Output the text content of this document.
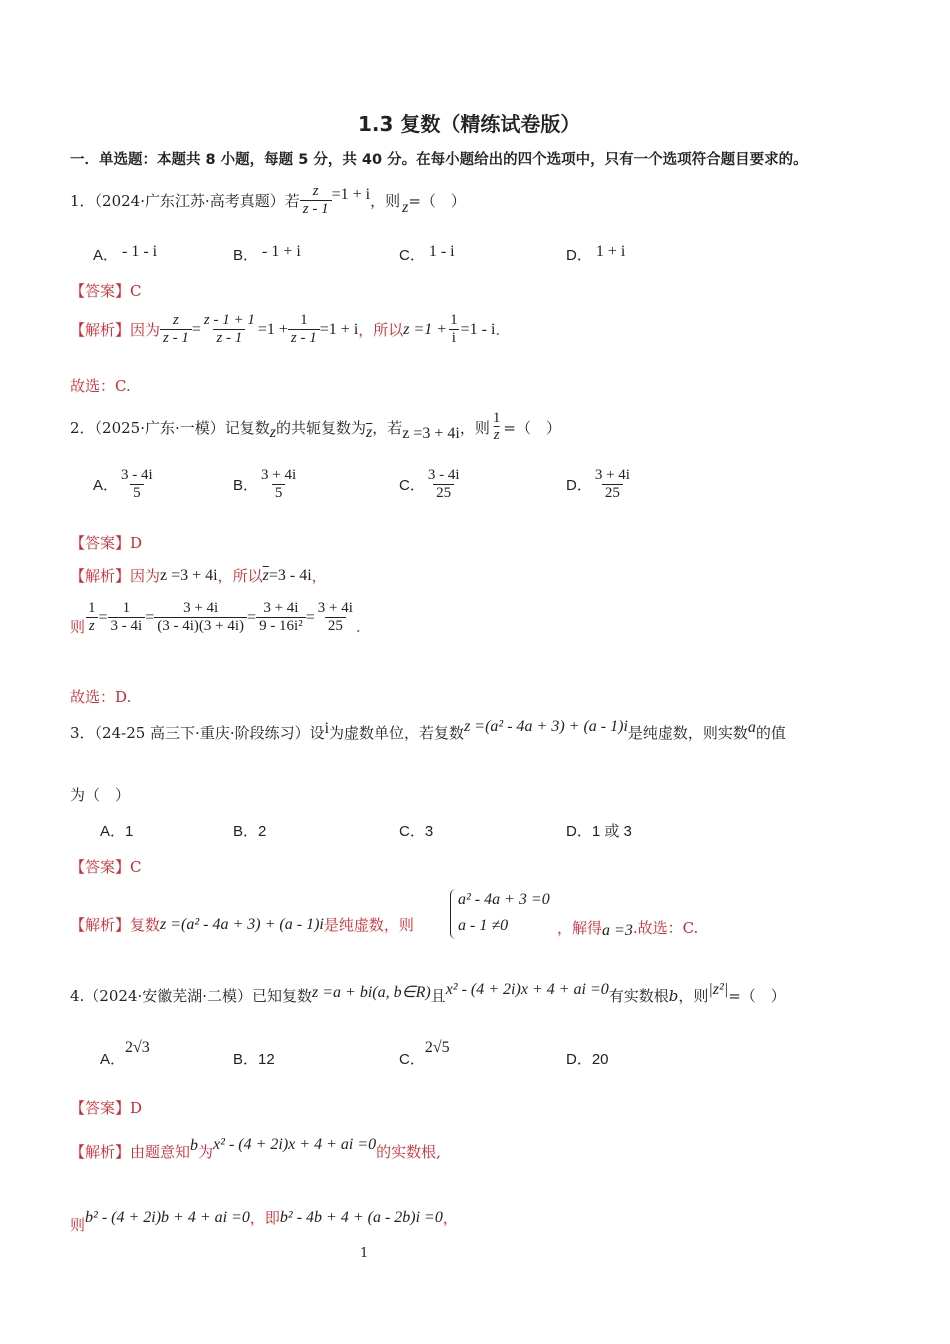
1.3 复数（精练试卷版）
一．单选题：本题共 8 小题，每题 5 分，共 40 分。在每小题给出的四个选项中，只有一个选项符合题目要求的。
1．（2024·广东江苏·高考真题）若 $\frac{z}{z - 1} =1 + i$ ，则 z =（　）
A． - 1 - i	B． - 1 + i	C． 1 - i	D． 1 + i
【答案】C
【解析】 因为 $\frac{z}{z - 1} = \frac{z - 1 + 1}{z - 1} =1 + \frac{1}{z - 1} =1 + i$ ，所以 $z =1 + \frac{1}{i} =1 - i$ .
故选：C.
2．（2025·广东·一模）记复数 z 的共轭复数为 $\overline{z}$ ，若 z =3 + 4i ，则 $\frac{1}{z}$ =（　）
A． $\frac{3 - 4i}{5}$	B． $\frac{3 + 4i}{5}$	C． $\frac{3 - 4i}{25}$	D． $\frac{3 + 4i}{25}$
【答案】D
【解析】 因为 z =3 + 4i ，所以 $\overline{z} =3 - 4i$ ，
则 $\frac{1}{z} = \frac{1}{3 - 4i} = \frac{3 + 4i}{(3 - 4i)(3 + 4i)} = \frac{3 + 4i}{\text{9 - 16i²}} = \frac{3 + 4i}{25}$ .
故选：D.
3．（24-25 高三下·重庆·阶段练习）设 i 为虚数单位，若复数 z =(a² - 4a + 3) + (a - 1)i 是纯虚数，则实数 a 的值
为（　）
A．1	B．2	C．3	D．1 或 3
【答案】C
【解析】 复数 z =(a² - 4a + 3) + (a - 1)i 是纯虚数，则
a² - 4a + 3 =0
a - 1 ≠0	，解得 a =3 .故选：C.
4.（2024·安徽芜湖·二模）已知复数 z =a + bi(a, b∈R) 且 x² - (4 + 2i)x + 4 + ai =0 有实数根 b ，则 |z²| =（　）
A．2√3
B．12	C．2√5
D．20
【答案】D
【解析】 由题意知 b 为 x² - (4 + 2i)x + 4 + ai =0 的实数根,
则 b² - (4 + 2i)b + 4 + ai =0 ，即 b² - 4b + 4 + (a - 2b)i =0 ，
1
